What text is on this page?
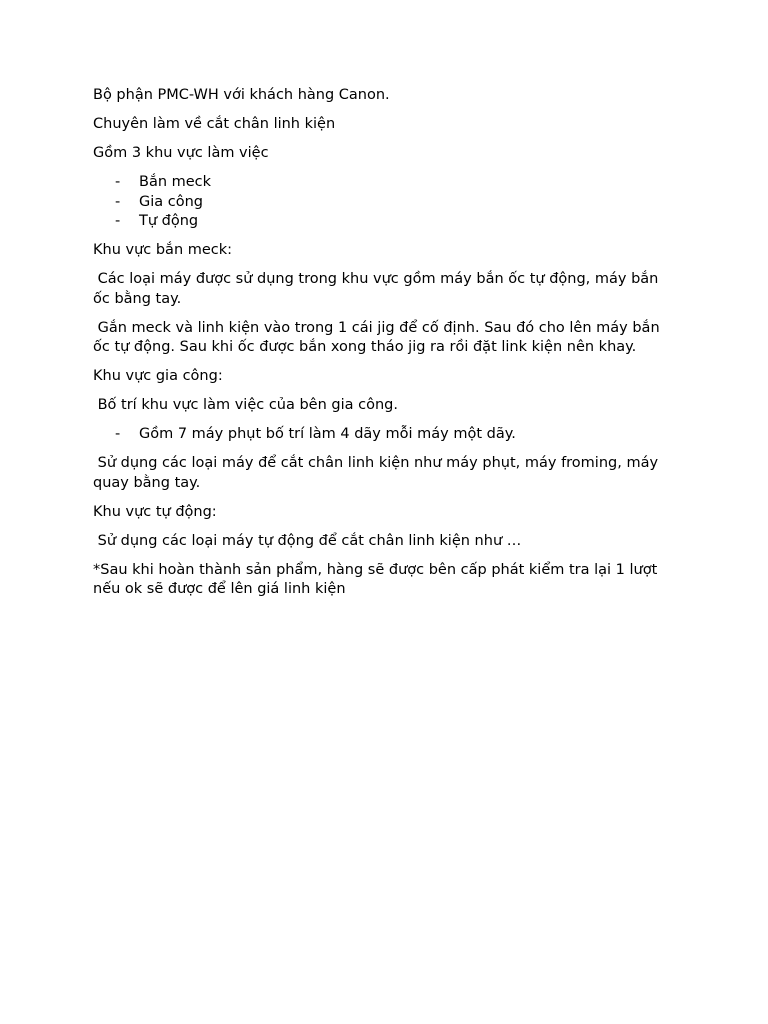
Bộ phận PMC-WH với khách hàng Canon.

Chuyên làm về cắt chân linh kiện

Gồm 3 khu vực làm việc

- Bắn meck
- Gia công
- Tự động

Khu vực bắn meck:

Các loại máy được sử dụng trong khu vực gồm máy bắn ốc tự động, máy bắn ốc bằng tay.

Gắn meck và linh kiện vào trong 1 cái jig để cố định. Sau đó cho lên máy bắn ốc tự động. Sau khi ốc được bắn xong tháo jig ra rồi đặt link kiện nên khay.

Khu vực gia công:

Bố trí khu vực làm việc của bên gia công.

- Gồm 7 máy phụt bố trí làm 4 dãy mỗi máy một dãy.

Sử dụng các loại máy để cắt chân linh kiện như máy phụt, máy froming, máy quay bằng tay.

Khu vực tự động:

Sử dụng các loại máy tự động để cắt chân linh kiện như …

*Sau khi hoàn thành sản phẩm, hàng sẽ được bên cấp phát kiểm tra lại 1 lượt nếu ok sẽ được để lên giá linh kiện
